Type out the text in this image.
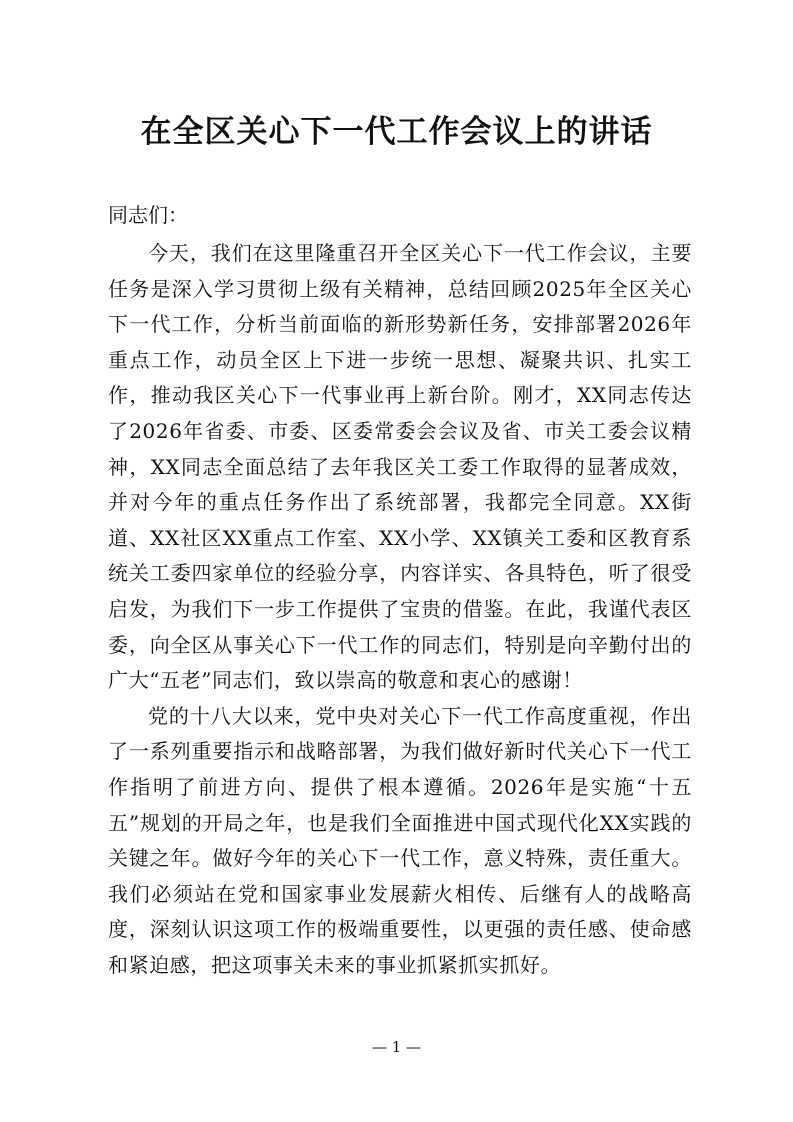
在全区关心下一代工作会议上的讲话

同志们：

今天，我们在这里隆重召开全区关心下一代工作会议，主要任务是深入学习贯彻上级有关精神，总结回顾2025年全区关心下一代工作，分析当前面临的新形势新任务，安排部署2026年重点工作，动员全区上下进一步统一思想、凝聚共识、扎实工作，推动我区关心下一代事业再上新台阶。刚才，XX同志传达了2026年省委、市委、区委常委会会议及省、市关工委会议精神，XX同志全面总结了去年我区关工委工作取得的显著成效，并对今年的重点任务作出了系统部署，我都完全同意。XX街道、XX社区XX重点工作室、XX小学、XX镇关工委和区教育系统关工委四家单位的经验分享，内容详实、各具特色，听了很受启发，为我们下一步工作提供了宝贵的借鉴。在此，我谨代表区委，向全区从事关心下一代工作的同志们，特别是向辛勤付出的广大“五老”同志们，致以崇高的敬意和衷心的感谢！

党的十八大以来，党中央对关心下一代工作高度重视，作出了一系列重要指示和战略部署，为我们做好新时代关心下一代工作指明了前进方向、提供了根本遵循。2026年是实施“十五五”规划的开局之年，也是我们全面推进中国式现代化XX实践的关键之年。做好今年的关心下一代工作，意义特殊，责任重大。我们必须站在党和国家事业发展薪火相传、后继有人的战略高度，深刻认识这项工作的极端重要性，以更强的责任感、使命感和紧迫感，把这项事关未来的事业抓紧抓实抓好。

— 1 —
